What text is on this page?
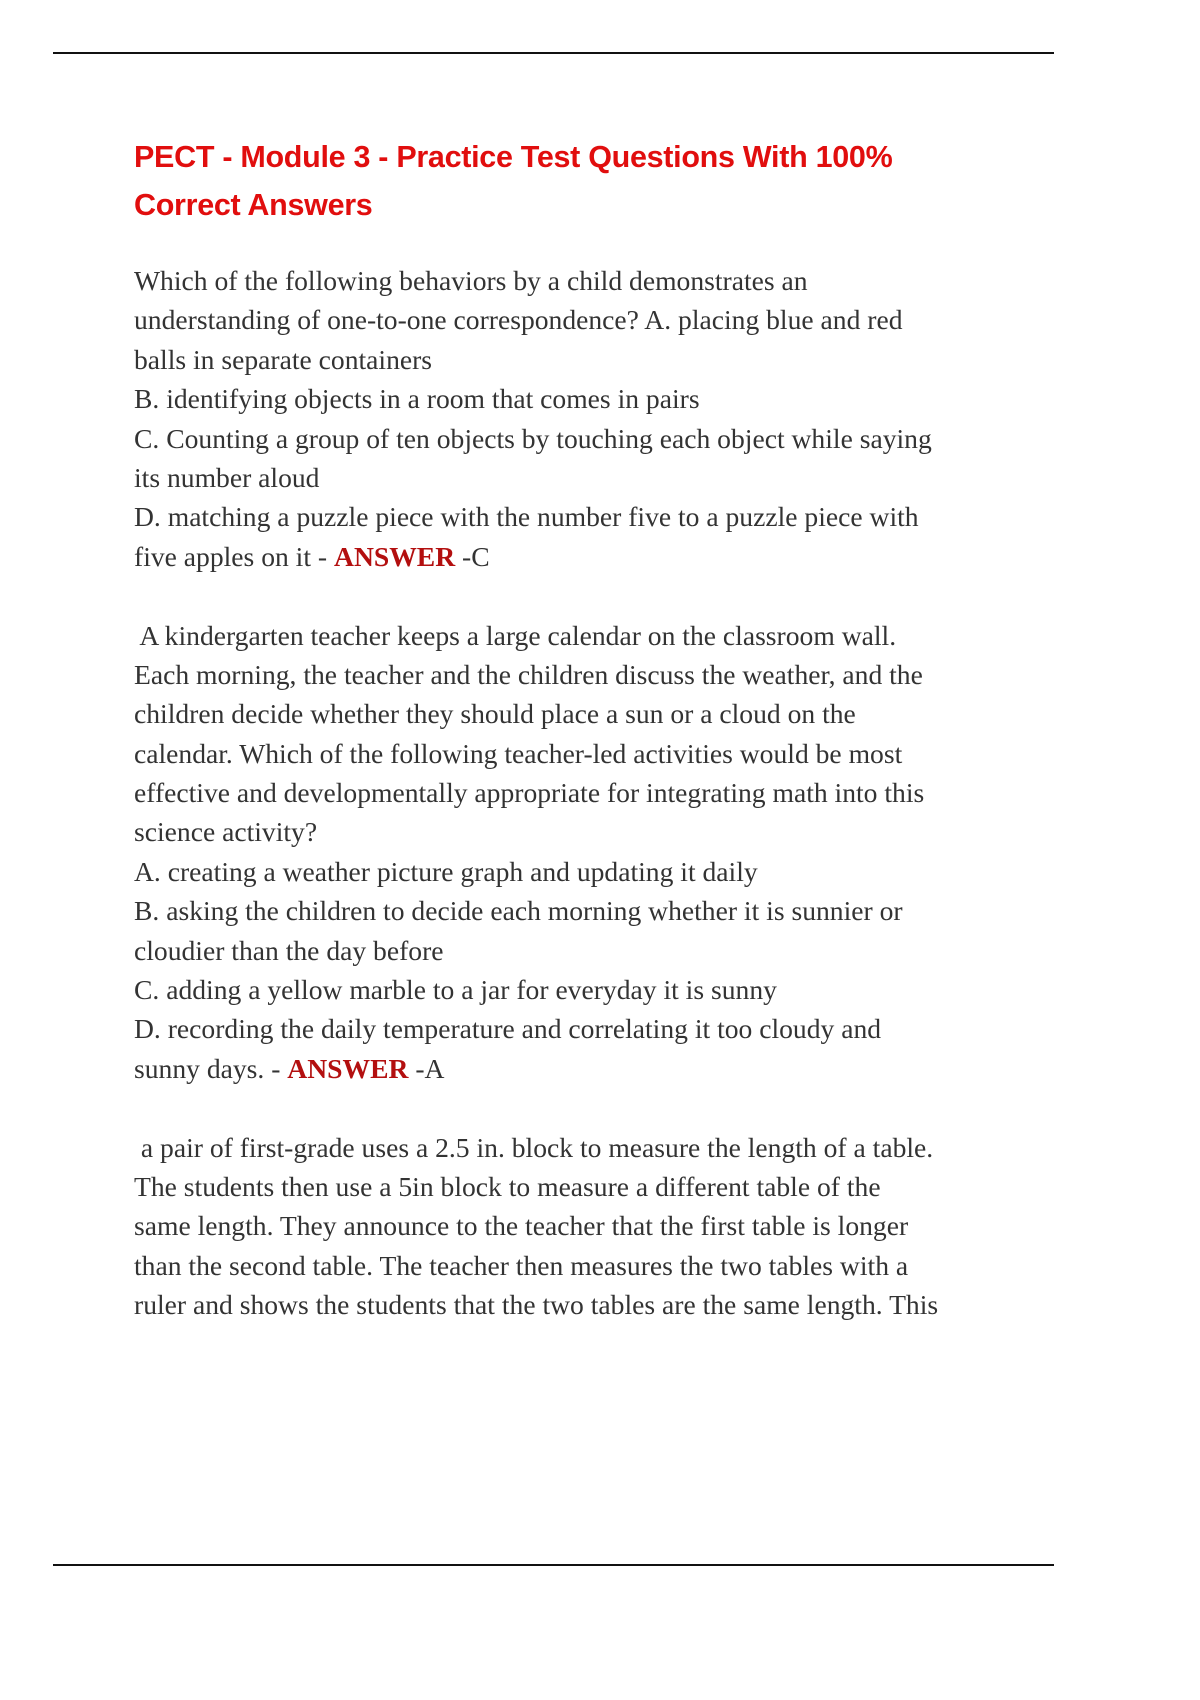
PECT - Module 3 - Practice Test Questions With 100%
Correct Answers
Which of the following behaviors by a child demonstrates an
understanding of one-to-one correspondence? A. placing blue and red
balls in separate containers
B. identifying objects in a room that comes in pairs
C. Counting a group of ten objects by touching each object while saying
its number aloud
D. matching a puzzle piece with the number five to a puzzle piece with
five apples on it - ANSWER -C
A kindergarten teacher keeps a large calendar on the classroom wall.
Each morning, the teacher and the children discuss the weather, and the
children decide whether they should place a sun or a cloud on the
calendar. Which of the following teacher-led activities would be most
effective and developmentally appropriate for integrating math into this
science activity?
A. creating a weather picture graph and updating it daily
B. asking the children to decide each morning whether it is sunnier or
cloudier than the day before
C. adding a yellow marble to a jar for everyday it is sunny
D. recording the daily temperature and correlating it too cloudy and
sunny days. - ANSWER -A
a pair of first-grade uses a 2.5 in. block to measure the length of a table.
The students then use a 5in block to measure a different table of the
same length. They announce to the teacher that the first table is longer
than the second table. The teacher then measures the two tables with a
ruler and shows the students that the two tables are the same length. This
